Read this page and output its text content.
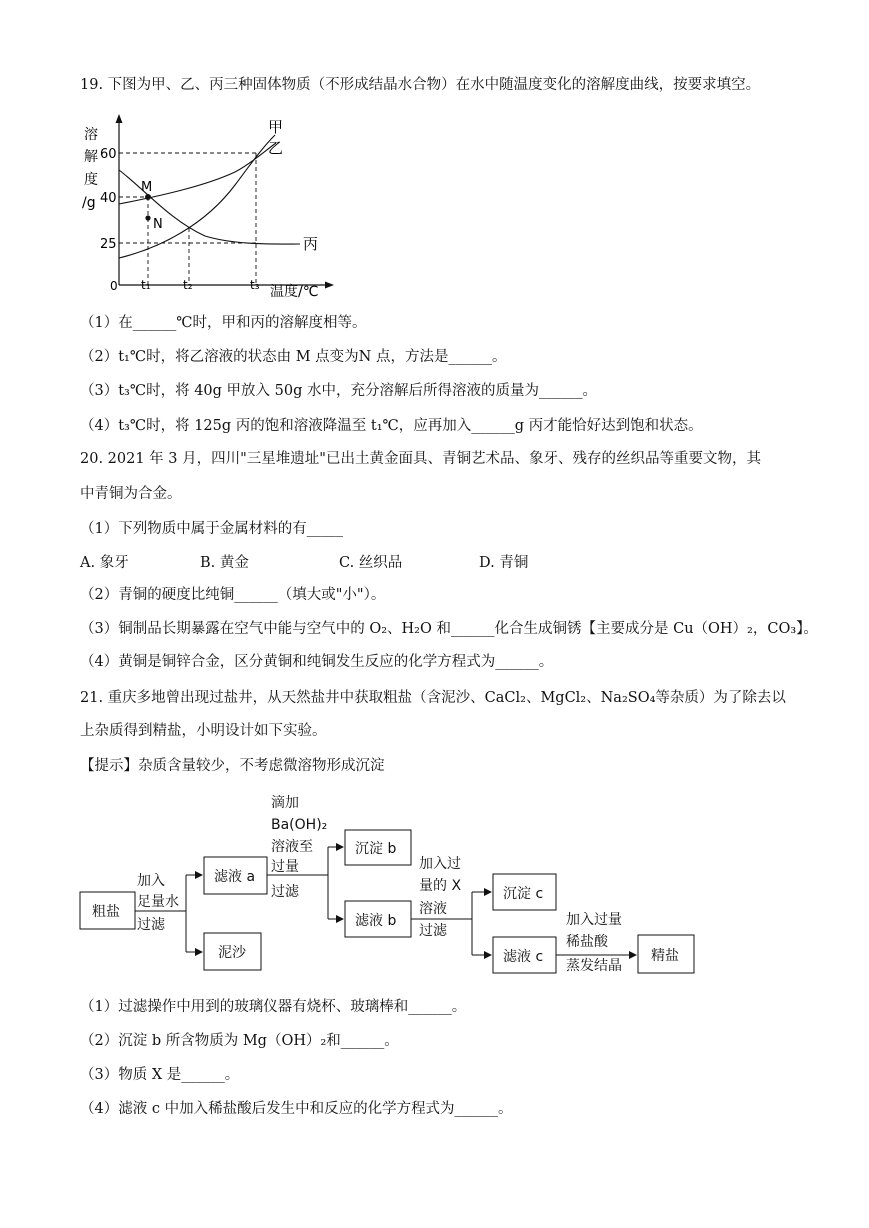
19. 下图为甲、乙、丙三种固体物质（不形成结晶水合物）在水中随温度变化的溶解度曲线，按要求填空。
溶
解
度
/g
60
40
25
0
M
N
甲
乙
丙
t₁	t₂	t₃ 温度/℃
（1）在______℃时，甲和丙的溶解度相等。
（2）t₁℃时，将乙溶液的状态由 M 点变为N 点，方法是______。
（3）t₃℃时，将 40g 甲放入 50g 水中，充分溶解后所得溶液的质量为______。
（4）t₃℃时，将 125g 丙的饱和溶液降温至 t₁℃，应再加入______g 丙才能恰好达到饱和状态。
20. 2021 年 3 月，四川"三星堆遗址"已出土黄金面具、青铜艺术品、象牙、残存的丝织品等重要文物，其
中青铜为合金。
（1）下列物质中属于金属材料的有_____
A. 象牙	B. 黄金	C. 丝织品	D. 青铜
（2）青铜的硬度比纯铜______（填大或"小"）。
（3）铜制品长期暴露在空气中能与空气中的 O₂、H₂O 和______化合生成铜锈【主要成分是 Cu（OH）₂，CO₃】。
（4）黄铜是铜锌合金，区分黄铜和纯铜发生反应的化学方程式为______。
21. 重庆多地曾出现过盐井，从天然盐井中获取粗盐（含泥沙、CaCl₂、MgCl₂、Na₂SO₄等杂质）为了除去以
上杂质得到精盐，小明设计如下实验。
【提示】杂质含量较少，不考虑微溶物形成沉淀
粗盐
滤液 a
泥沙
沉淀 b
滤液 b
沉淀 c
滤液 c	精盐
加入
足量水
过滤
滴加
Ba(OH)₂
溶液至
过量
过滤
加入过
量的 X
溶液
过滤
加入过量
稀盐酸
蒸发结晶
（1）过滤操作中用到的玻璃仪器有烧杯、玻璃棒和______。
（2）沉淀 b 所含物质为 Mg（OH）₂和______。
（3）物质 X 是______。
（4）滤液 c 中加入稀盐酸后发生中和反应的化学方程式为______。
